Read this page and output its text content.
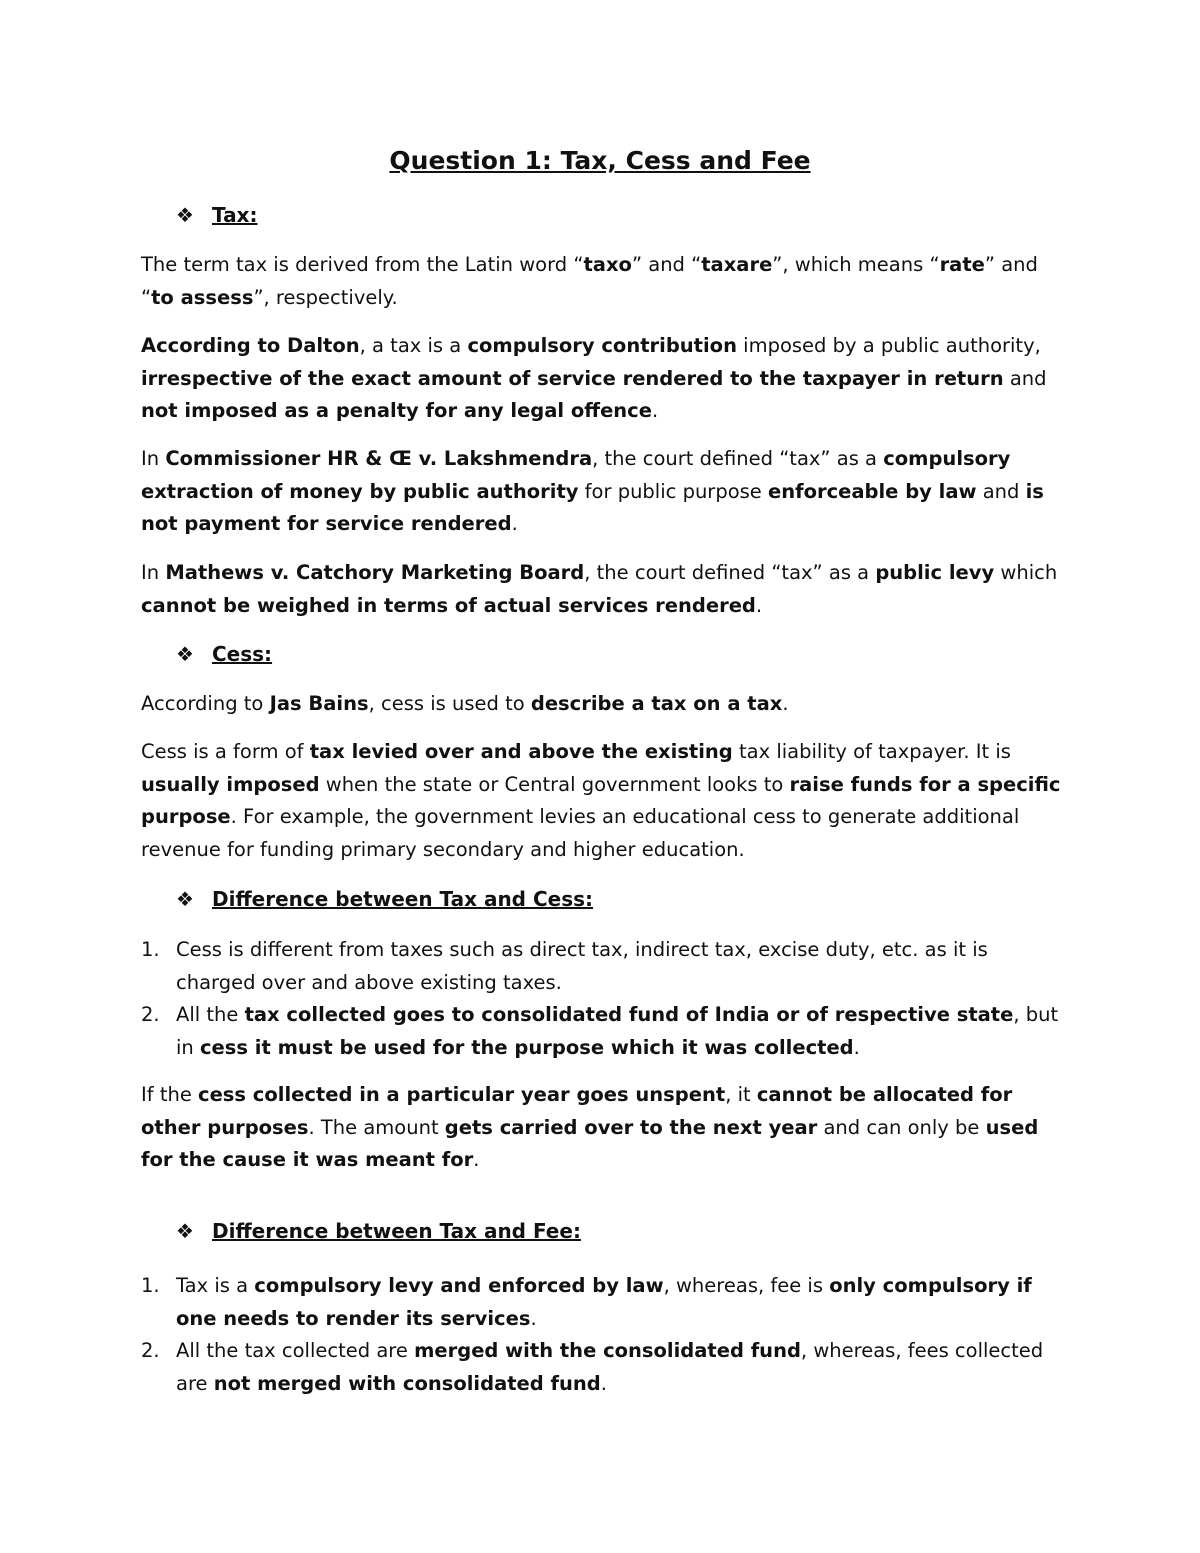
Question 1: Tax, Cess and Fee
❖ Tax:

The term tax is derived from the Latin word “taxo” and “taxare”, which means “rate” and “to assess”, respectively.

According to Dalton, a tax is a compulsory contribution imposed by a public authority, irrespective of the exact amount of service rendered to the taxpayer in return and not imposed as a penalty for any legal offence.

In Commissioner HR & Œ v. Lakshmendra, the court defined “tax” as a compulsory extraction of money by public authority for public purpose enforceable by law and is not payment for service rendered.

In Mathews v. Catchory Marketing Board, the court defined “tax” as a public levy which cannot be weighed in terms of actual services rendered.

❖ Cess:

According to Jas Bains, cess is used to describe a tax on a tax.

Cess is a form of tax levied over and above the existing tax liability of taxpayer. It is usually imposed when the state or Central government looks to raise funds for a specific purpose. For example, the government levies an educational cess to generate additional revenue for funding primary secondary and higher education.

❖ Difference between Tax and Cess:
1. Cess is different from taxes such as direct tax, indirect tax, excise duty, etc. as it is charged over and above existing taxes.
2. All the tax collected goes to consolidated fund of India or of respective state, but in cess it must be used for the purpose which it was collected.

If the cess collected in a particular year goes unspent, it cannot be allocated for other purposes. The amount gets carried over to the next year and can only be used for the cause it was meant for.

❖ Difference between Tax and Fee:
1. Tax is a compulsory levy and enforced by law, whereas, fee is only compulsory if one needs to render its services.
2. All the tax collected are merged with the consolidated fund, whereas, fees collected are not merged with consolidated fund.
